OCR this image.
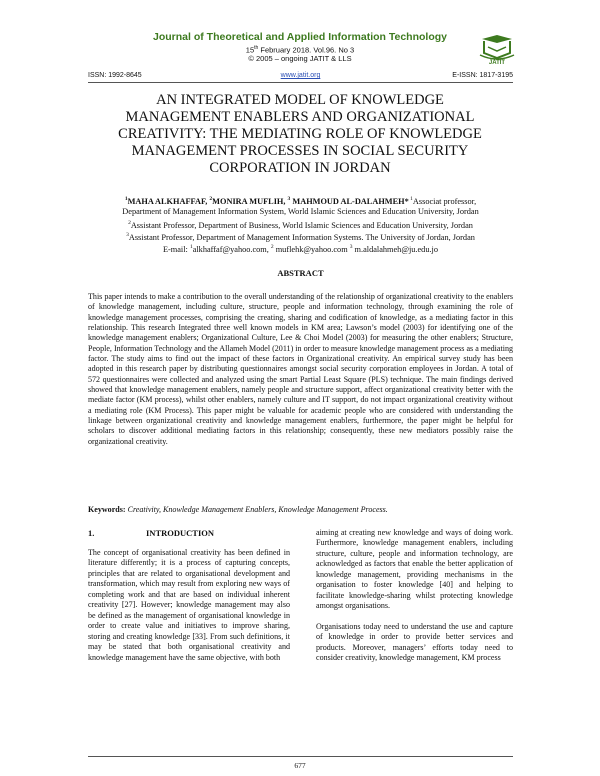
Journal of Theoretical and Applied Information Technology
15th February 2018. Vol.96. No 3
© 2005 – ongoing JATIT & LLS	JATIT
ISSN: 1992-8645	www.jatit.org	E-ISSN: 1817-3195
AN INTEGRATED MODEL OF KNOWLEDGE
MANAGEMENT ENABLERS AND ORGANIZATIONAL
CREATIVITY: THE MEDIATING ROLE OF KNOWLEDGE
MANAGEMENT PROCESSES IN SOCIAL SECURITY
CORPORATION IN JORDAN
$^1$MAHA ALKHAFFAF, $^2$MONIRA MUFLIH, $^3$ MAHMOUD AL-DALAHMEH* $^1$Associat professor,
Department of Management Information System, World Islamic Sciences and Education University, Jordan
$^2$Assistant Professor, Department of Business, World Islamic Sciences and Education University, Jordan
$^3$Assistant Professor, Department of Management Information Systems. The University of Jordan, Jordan
E-mail: $^1$alkhaffaf@yahoo.com, $^2$ muflehk@yahoo.com $^3$ m.aldalahmeh@ju.edu.jo
ABSTRACT
This paper intends to make a contribution to the overall understanding of the relationship of organizational creativity to the enablers of knowledge management, including culture, structure, people and information technology, through examining the role of knowledge management processes, comprising the creating, sharing and codification of knowledge, as a mediating factor in this relationship. This research Integrated three well known models in KM area; Lawson’s model (2003) for identifying one of the knowledge management enablers; Organizational Culture, Lee & Choi Model (2003) for measuring the other enablers; Structure, People, Information Technology and the Allameh Model (2011) in order to measure knowledge management process as a mediating factor. The study aims to find out the impact of these factors in Organizational creativity. An empirical survey study has been adopted in this research paper by distributing questionnaires amongst social security corporation employees in Jordan. A total of 572 questionnaires were collected and analyzed using the smart Partial Least Square (PLS) technique. The main findings derived showed that knowledge management enablers, namely people and structure support, affect organizational creativity better with the mediate factor (KM process), whilst other enablers, namely culture and IT support, do not impact organizational creativity without a mediating role (KM Process). This paper might be valuable for academic people who are considered with understanding the linkage between organizational creativity and knowledge management enablers, furthermore, the paper might be helpful for scholars to discover additional mediating factors in this relationship; consequently, these new mediators possibly raise the organizational creativity.
Keywords: Creativity, Knowledge Management Enablers, Knowledge Management Process.
1.	INTRODUCTION
The concept of organisational creativity has been defined in literature differently; it is a process of capturing concepts, principles that are related to organisational development and transformation, which may result from exploring new ways of completing work and that are based on individual inherent creativity [27]. However; knowledge management may also be defined as the management of organisational knowledge in order to create value and initiatives to improve sharing, storing and creating knowledge [33]. From such definitions, it may be stated that both organisational creativity and knowledge management have the same objective, with both

aiming at creating new knowledge and ways of doing work. Furthermore, knowledge management enablers, including structure, culture, people and information technology, are acknowledged as factors that enable the better application of knowledge management, providing mechanisms in the organisation to foster knowledge [40] and helping to facilitate knowledge-sharing whilst protecting knowledge amongst organisations.

Organisations today need to understand the use and capture of knowledge in order to provide better services and products. Moreover, managers’ efforts today need to consider creativity, knowledge management, KM process

677
